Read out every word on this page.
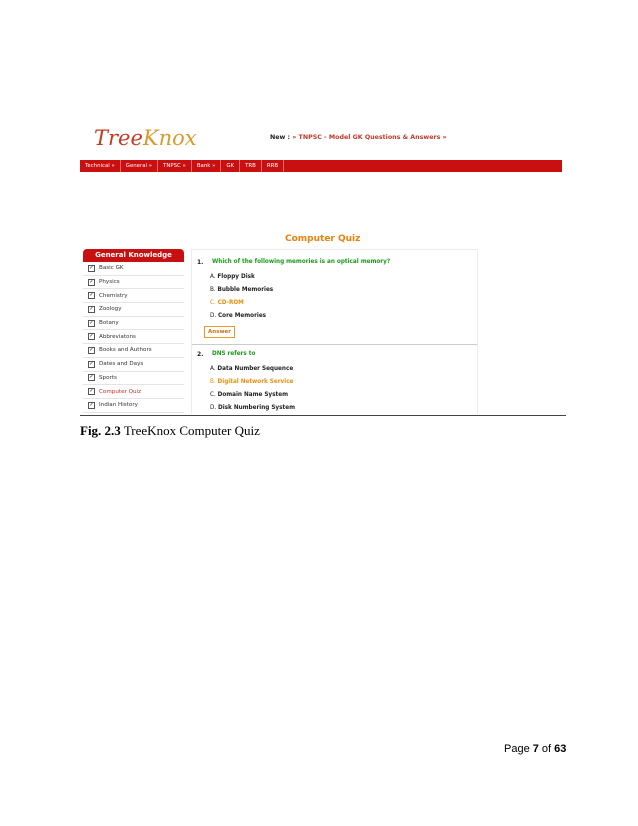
TreeKnox	New : » TNPSC - Model GK Questions & Answers »
Technical »	General »	TNPSC »	Bank »	GK	TRB	RRB
Computer Quiz
General Knowledge
✓ Basic GK
✓ Physics
✓ Chemistry
✓ Zoology
✓ Botany
✓ Abbreviatons
✓ Books and Authors
✓ Dates and Days
✓ Sports
✓ Computer Quiz
✓ Indian History
1. Which of the following memories is an optical memory?
A. Floppy Disk
B. Bubble Memories
C. CD-ROM
D. Core Memories
Answer
2. DNS refers to
A. Data Number Sequence
B. Digital Network Service
C. Domain Name System
D. Disk Numbering System
Fig. 2.3 TreeKnox Computer Quiz
Page 7 of 63
